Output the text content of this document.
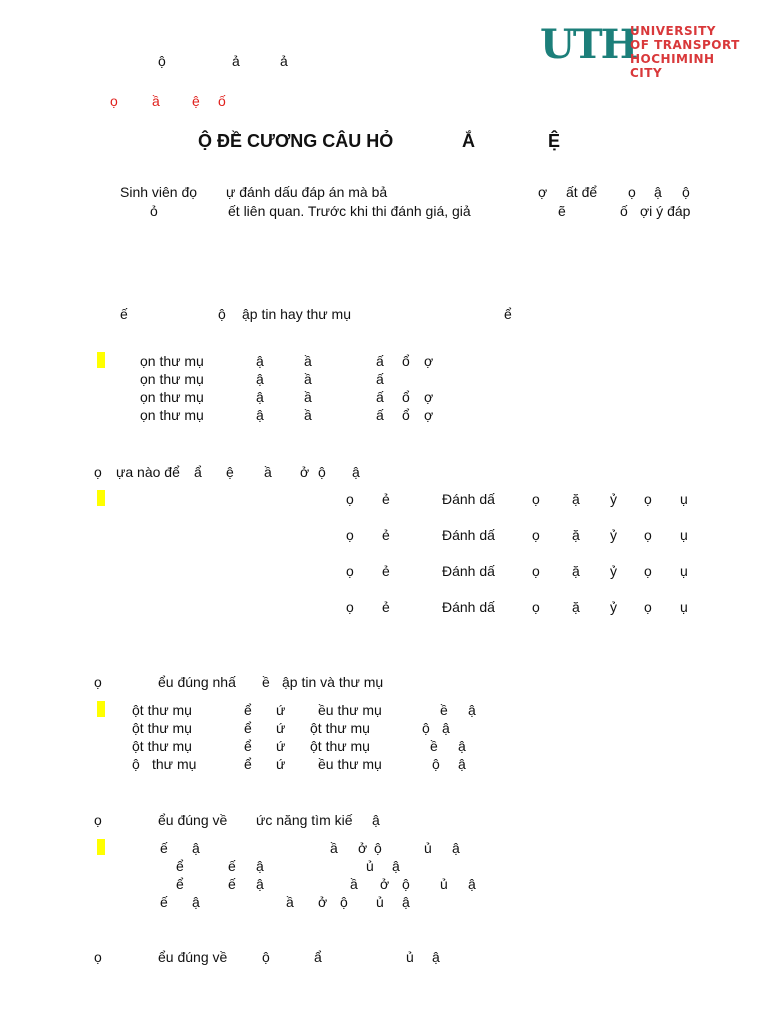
UTH
UNIVERSITY
OF TRANSPORT
HOCHIMINH CITY
ộ	ả	ả
ọ ầ ệ ố
Ộ ĐỀ CƯƠNG CÂU HỎ	Ắ	Ệ
Sinh viên đọ ự đánh dấu đáp án mà bả	ợ ất để ọ ậ ộ
ỏ	ết liên quan. Trước khi thi đánh giá, giả	ẽ	ố ợi ý đáp
ế	ộ ập tin hay thư mụ	ể
ọn thư mụ	ậ	ầ	ấ ổ ợ
ọn thư mụ	ậ	ầ	ấ
ọn thư mụ	ậ	ầ	ấ ổ ợ
ọn thư mụ	ậ	ầ	ấ ổ ợ
ọ ựa nào để ẩ ệ ầ ở ộ ậ
ọ ẻ	Đánh dấ	ọ ặ ỷ ọ ụ
ọ ẻ	Đánh dấ	ọ ặ ỷ ọ ụ
ọ ẻ	Đánh dấ	ọ ặ ỷ ọ ụ
ọ ẻ	Đánh dấ	ọ ặ ỷ ọ ụ
ọ	ểu đúng nhấ ề ập tin và thư mụ
ột thư mụ	ể ứ ều thư mụ	ề ậ
ột thư mụ	ể ứ ột thư mụ	ộ ậ
ột thư mụ	ể ứ ột thư mụ	ề ậ
ộ thư mụ	ể ứ ều thư mụ	ộ ậ
ọ	ểu đúng về ức năng tìm kiế ậ
ế ậ	ầ ở ộ	ủ ậ
ể	ế ậ	ủ ậ
ể	ế ậ	ầ ở ộ ủ ậ
ế ậ	ầ ở ộ ủ ậ
ọ	ểu đúng về ộ	ẩ	ủ ậ
